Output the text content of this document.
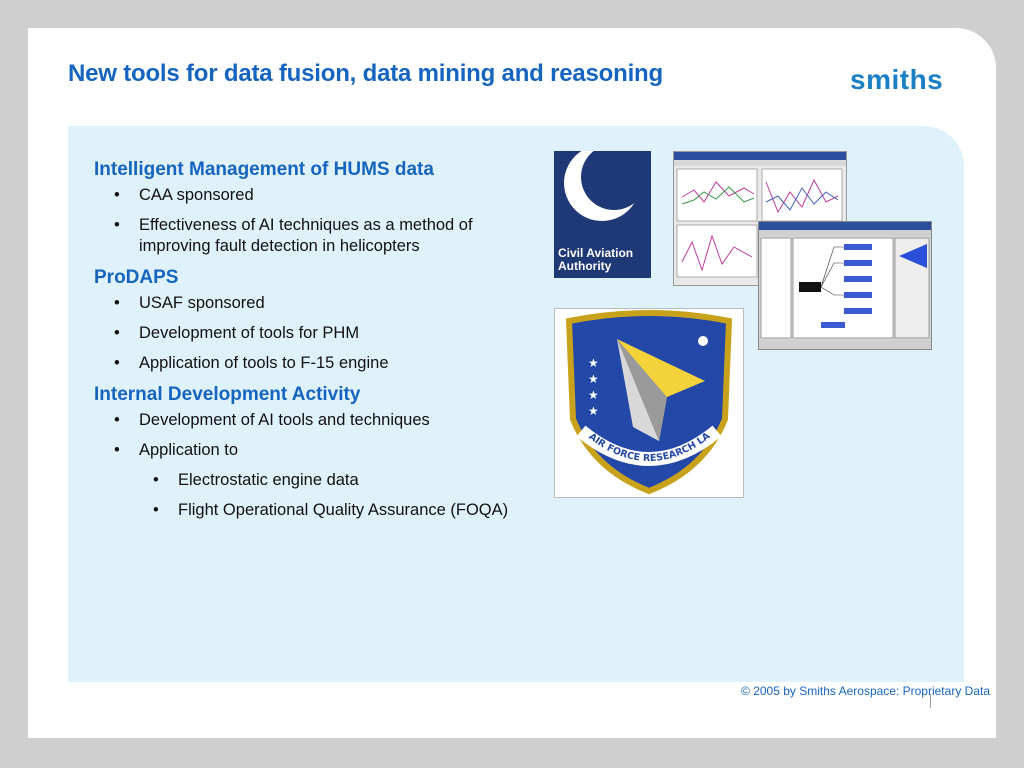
New tools for data fusion, data mining and reasoning	smiths
Intelligent Management of HUMS data
• CAA sponsored
• Effectiveness of AI techniques as a method of improving fault detection in helicopters
ProDAPS
• USAF sponsored
• Development of tools for PHM
• Application of tools to F-15 engine
Internal Development Activity
• Development of AI tools and techniques
• Application to
• Electrostatic engine data
• Flight Operational Quality Assurance (FOQA)
Civil Aviation
Authority
★
★
★
★
AIR FORCE RESEARCH LA
© 2005 by Smiths Aerospace: Proprietary Data
